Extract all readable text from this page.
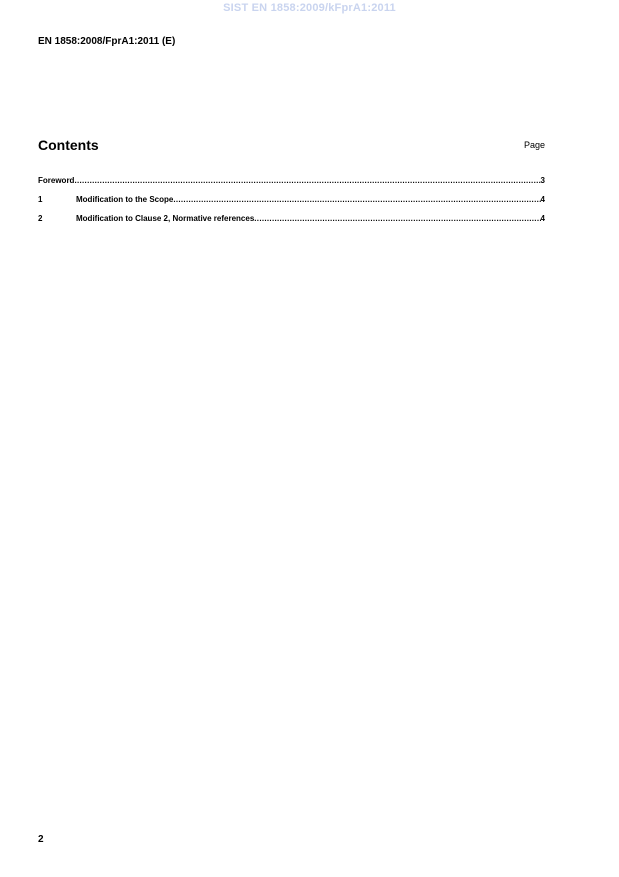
SIST EN 1858:2009/kFprA1:2011
EN 1858:2008/FprA1:2011 (E)
Contents	Page
Foreword .....	3
1	Modification to the Scope .....	4
2	Modification to Clause 2, Normative references .....	4
2
